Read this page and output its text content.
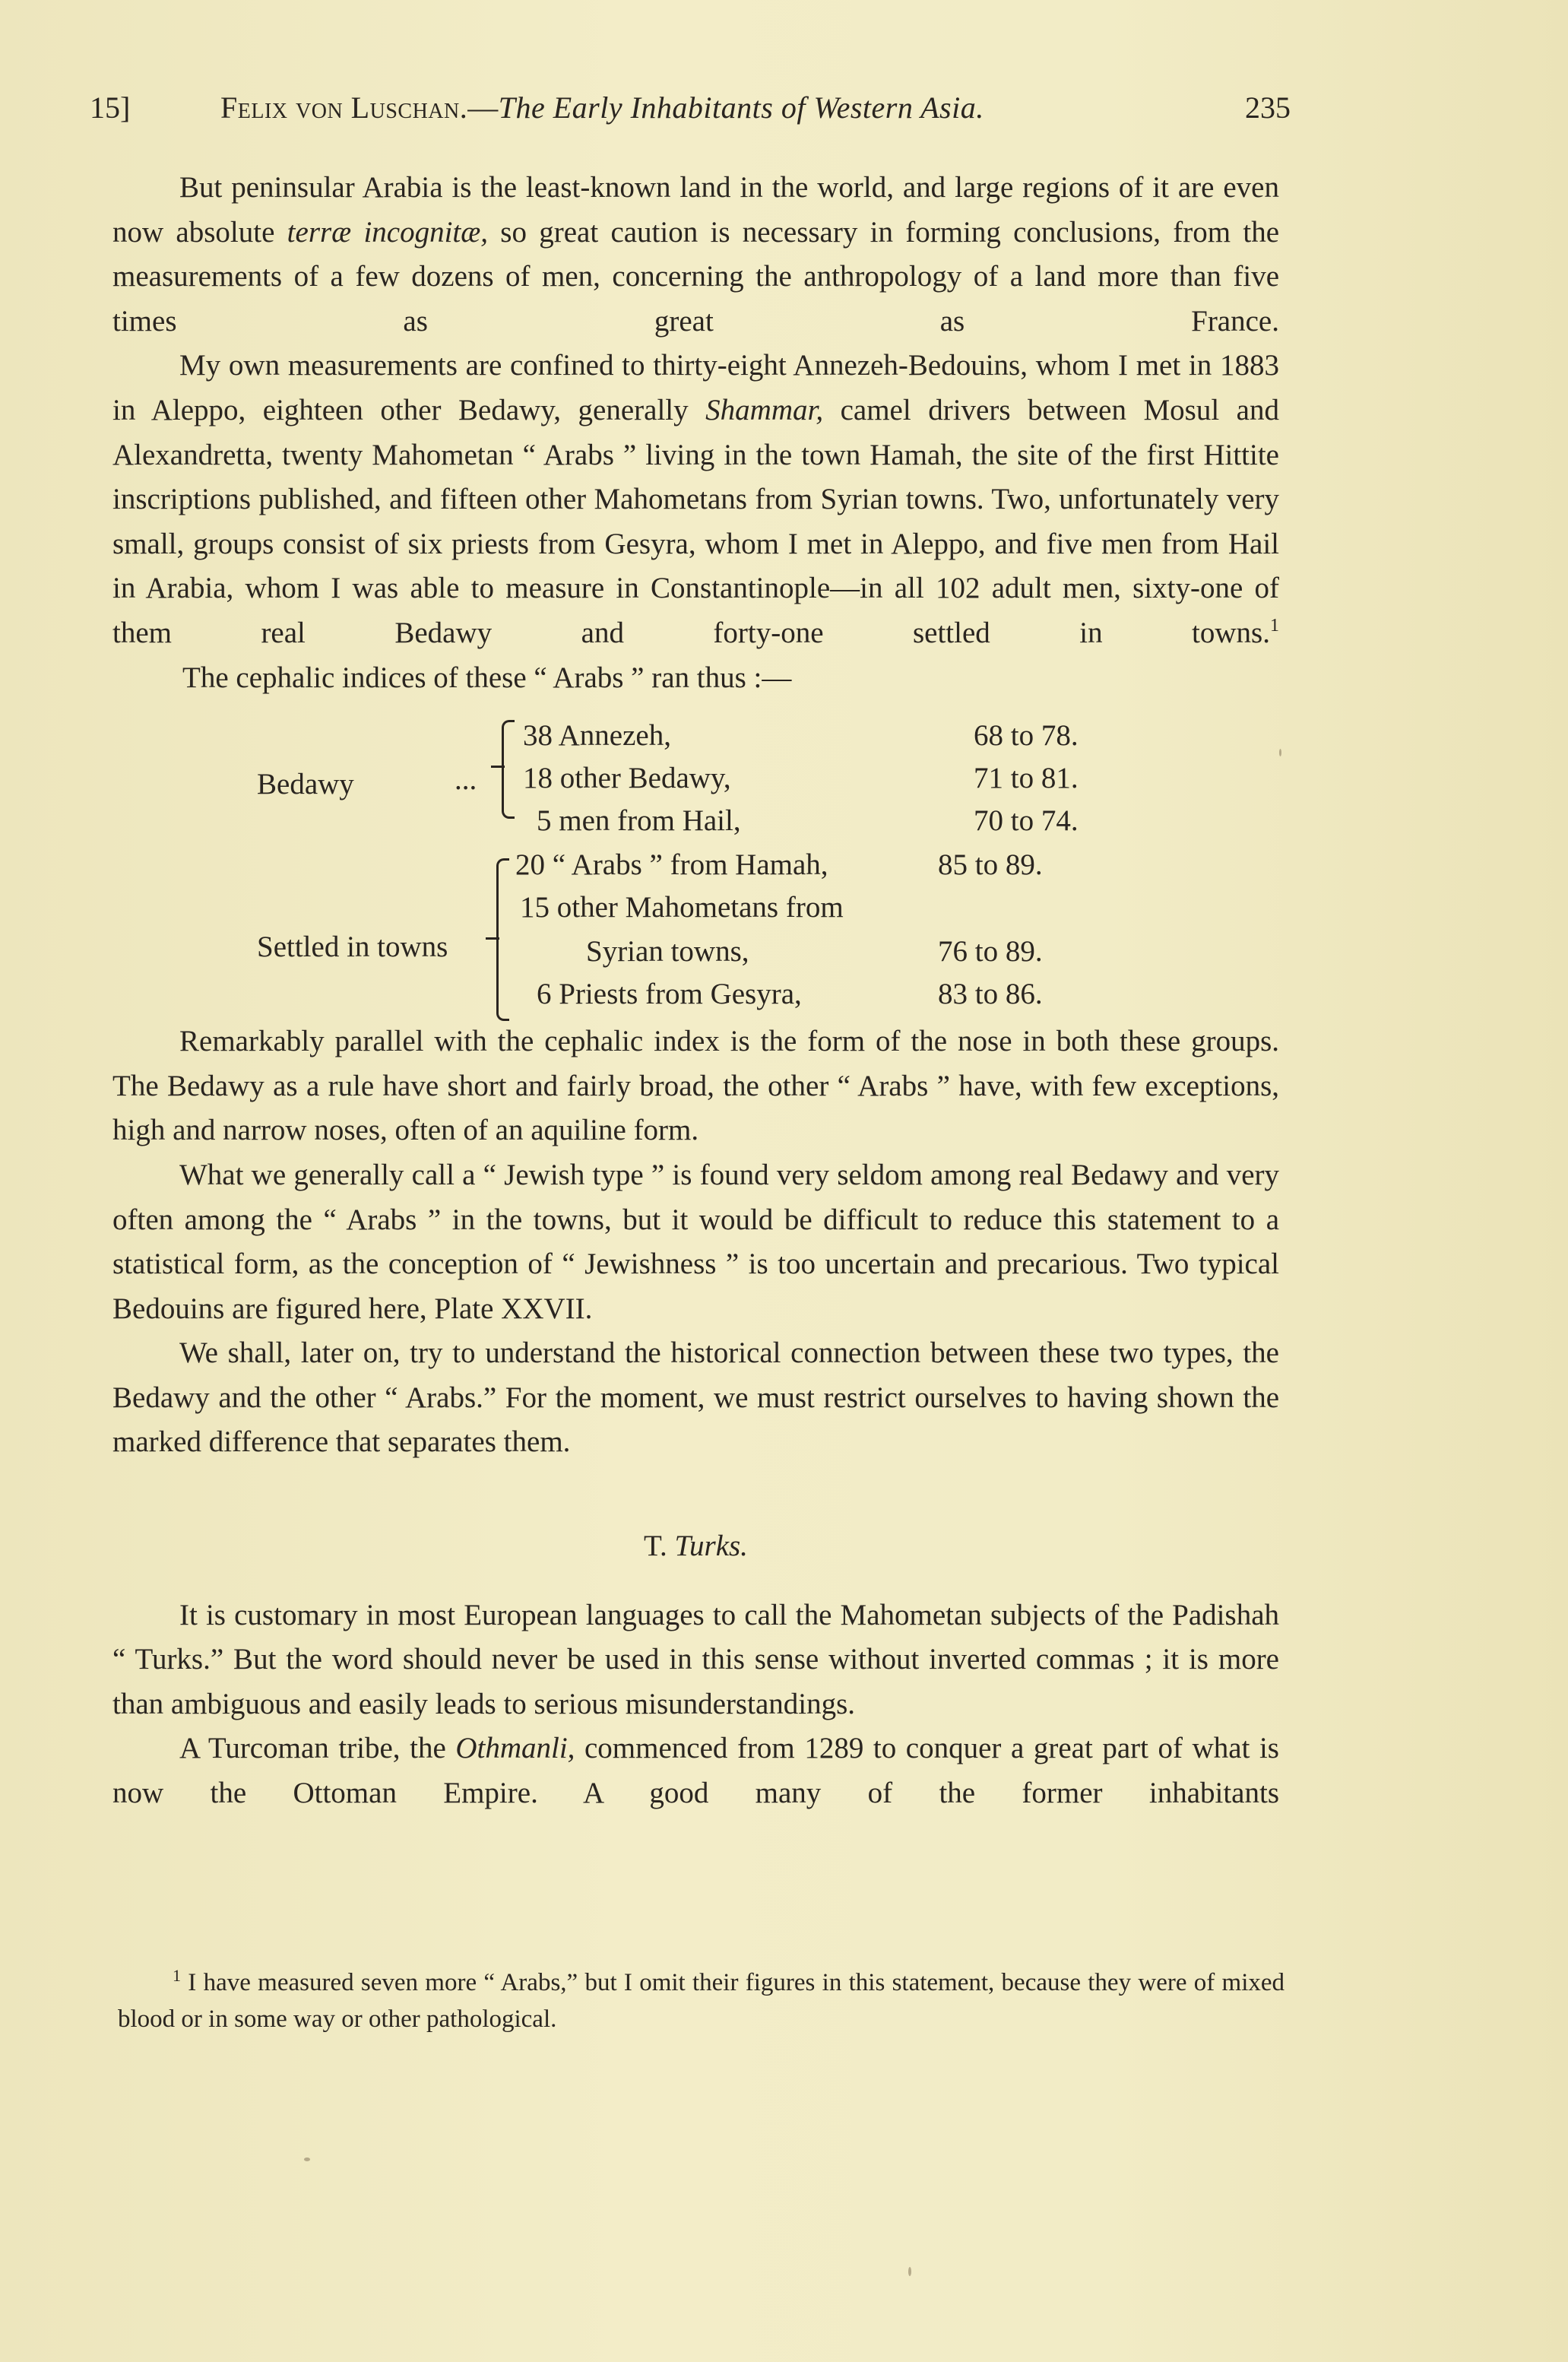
15]	Felix von Luschan.—The Early Inhabitants of Western Asia.	235

But peninsular Arabia is the least-known land in the world, and large regions of it are even now absolute terræ incognitæ, so great caution is necessary in forming conclusions, from the measurements of a few dozens of men, concerning the anthropology of a land more than five times as great as France.

My own measurements are confined to thirty-eight Annezeh-Bedouins, whom I met in 1883 in Aleppo, eighteen other Bedawy, generally Shammar, camel drivers between Mosul and Alexandretta, twenty Mahometan “ Arabs ” living in the town Hamah, the site of the first Hittite inscriptions published, and fifteen other Mahometans from Syrian towns. Two, unfortunately very small, groups consist of six priests from Gesyra, whom I met in Aleppo, and five men from Hail in Arabia, whom I was able to measure in Constantinople—in all 102 adult men, sixty-one of them real Bedawy and forty-one settled in towns.$^1$

The cephalic indices of these “ Arabs ” ran thus :—

Bedawy	...
38 Annezeh,	68 to 78.
18 other Bedawy,	71 to 81.
5 men from Hail,	70 to 74.
Settled in towns
20 “ Arabs ” from Hamah,	85 to 89.
15 other Mahometans from
Syrian towns,	76 to 89.
6 Priests from Gesyra,	83 to 86.

Remarkably parallel with the cephalic index is the form of the nose in both these groups. The Bedawy as a rule have short and fairly broad, the other “ Arabs ” have, with few exceptions, high and narrow noses, often of an aquiline form.

What we generally call a “ Jewish type ” is found very seldom among real Bedawy and very often among the “ Arabs ” in the towns, but it would be difficult to reduce this statement to a statistical form, as the conception of “ Jewishness ” is too uncertain and precarious. Two typical Bedouins are figured here, Plate XXVII.

We shall, later on, try to understand the historical connection between these two types, the Bedawy and the other “ Arabs.” For the moment, we must restrict ourselves to having shown the marked difference that separates them.

T. Turks.

It is customary in most European languages to call the Mahometan subjects of the Padishah “ Turks.” But the word should never be used in this sense without inverted commas ; it is more than ambiguous and easily leads to serious misunderstandings.

A Turcoman tribe, the Othmanli, commenced from 1289 to conquer a great part of what is now the Ottoman Empire. A good many of the former inhabitants

$^1$ I have measured seven more “ Arabs,” but I omit their figures in this statement, because they were of mixed blood or in some way or other pathological.
